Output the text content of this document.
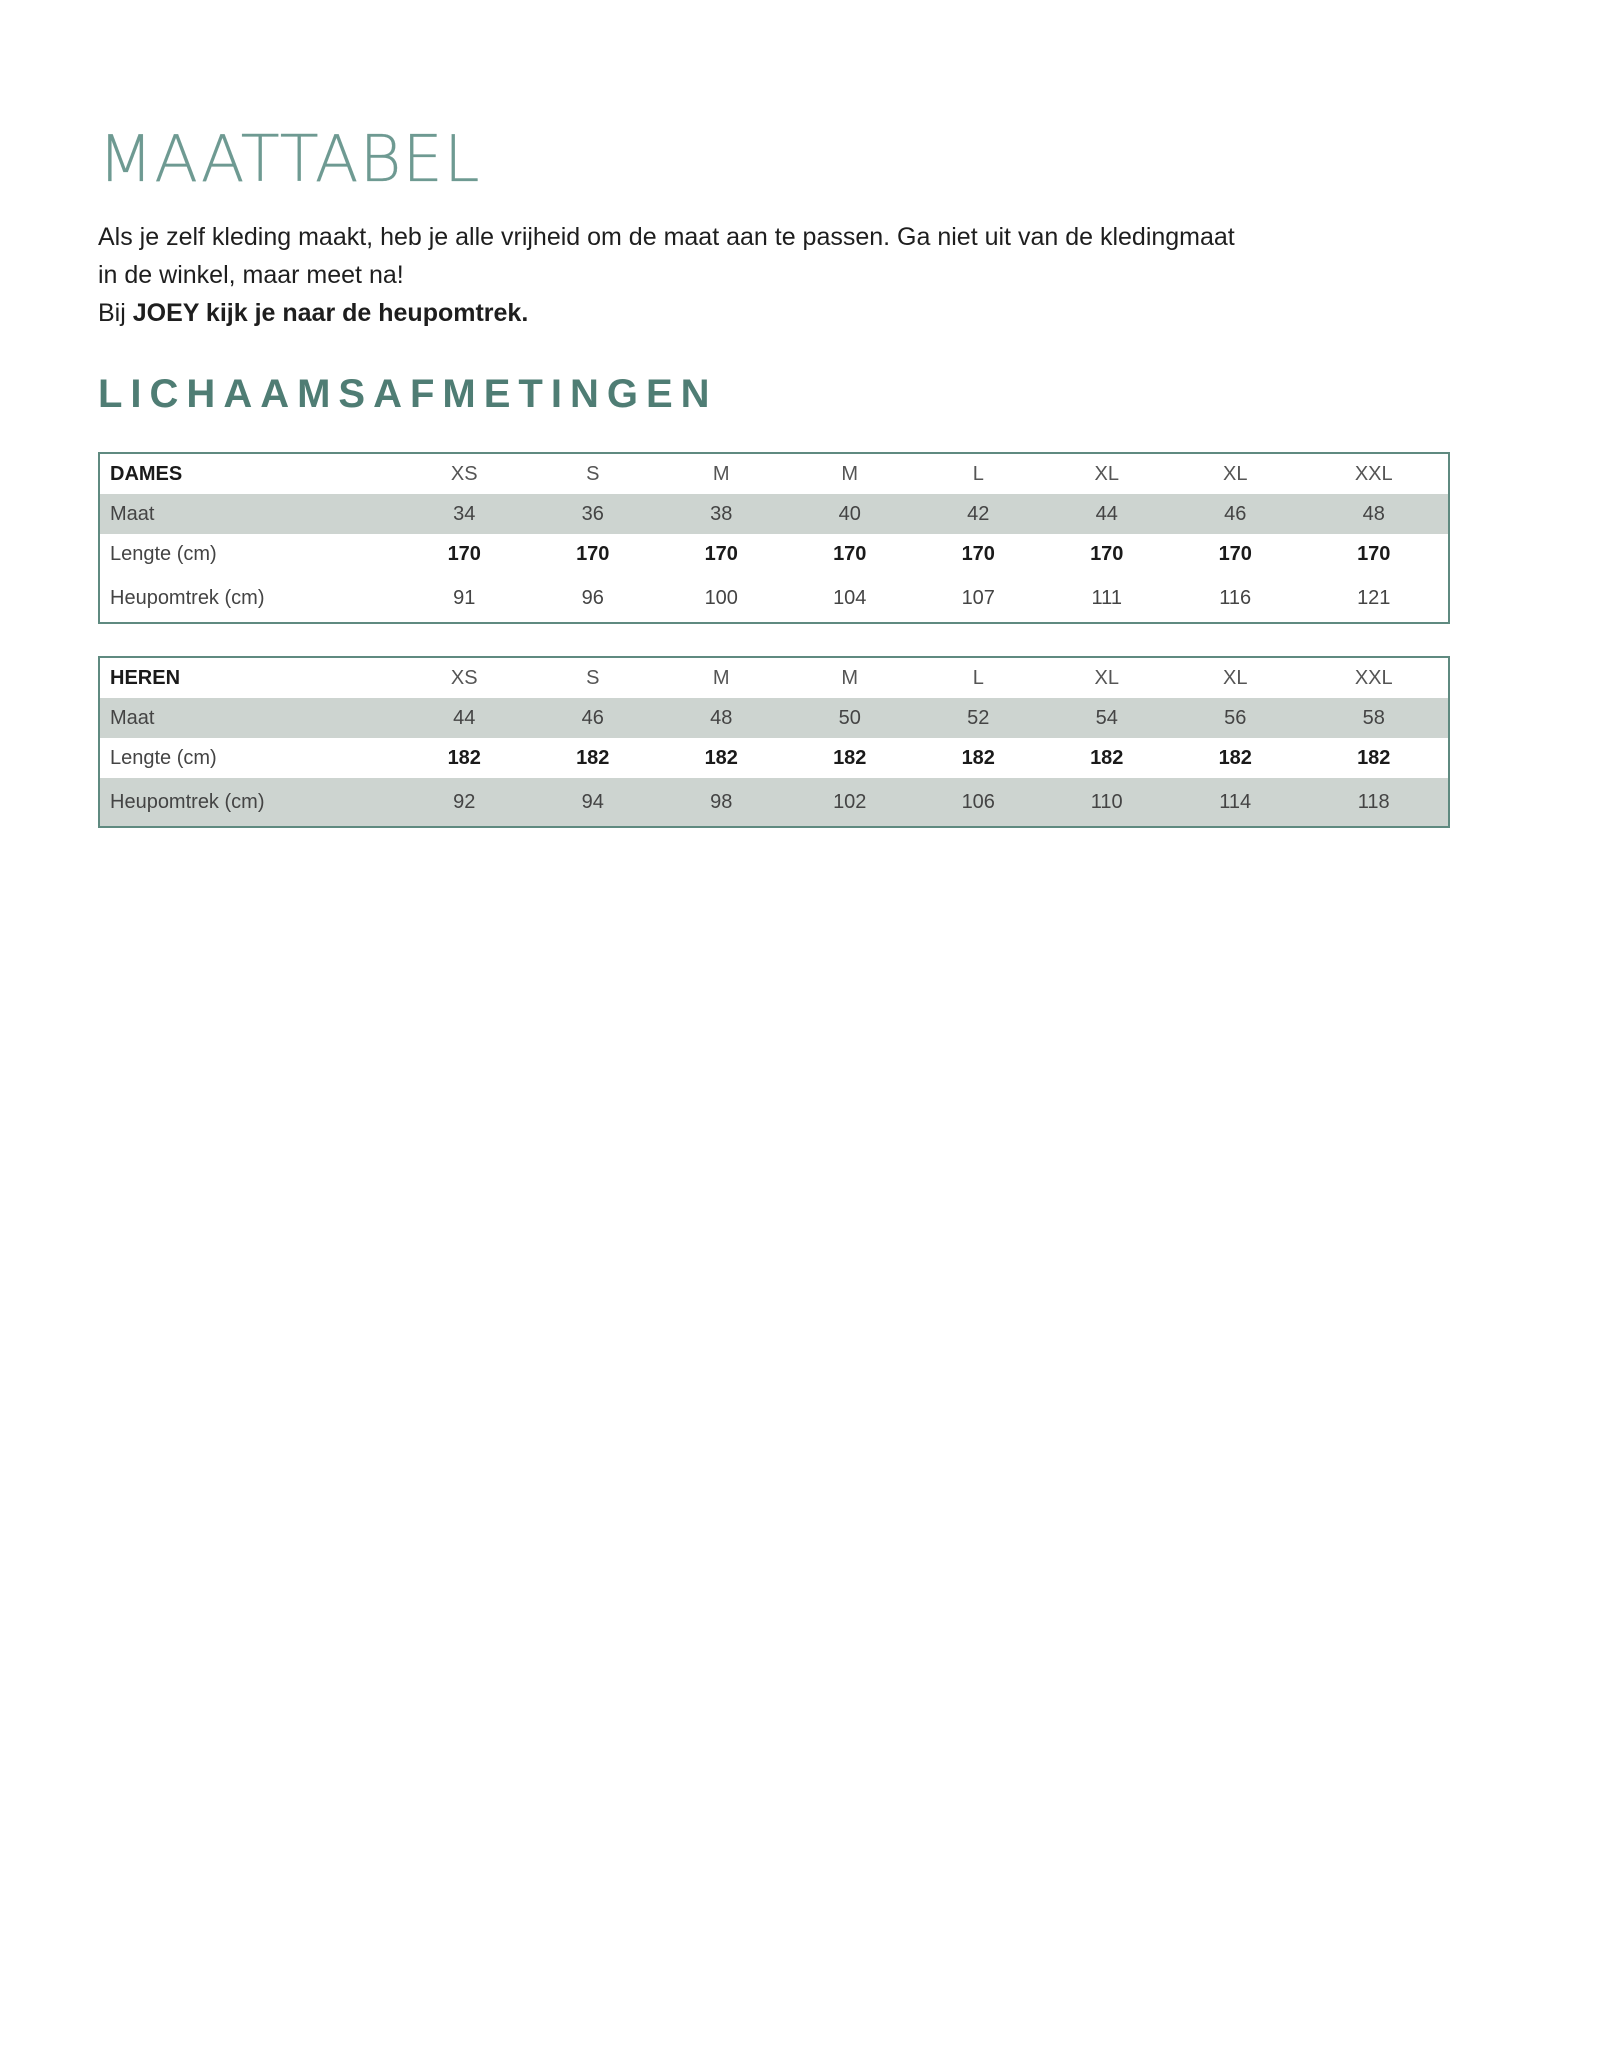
MAATTABEL

Als je zelf kleding maakt, heb je alle vrijheid om de maat aan te passen. Ga niet uit van de kledingmaat

in de winkel, maar meet na!

Bij JOEY kijk je naar de heupomtrek.

LICHAAMSAFMETINGEN
DAMES	XS	S	M	M	L	XL	XL	XXL
Maat	34	36	38	40	42	44	46	48
Lengte (cm)	170	170	170	170	170	170	170	170
Heupomtrek (cm)	91	96	100	104	107	111	116	121
HEREN	XS	S	M	M	L	XL	XL	XXL
Maat	44	46	48	50	52	54	56	58
Lengte (cm)	182	182	182	182	182	182	182	182
Heupomtrek (cm)	92	94	98	102	106	110	114	118
